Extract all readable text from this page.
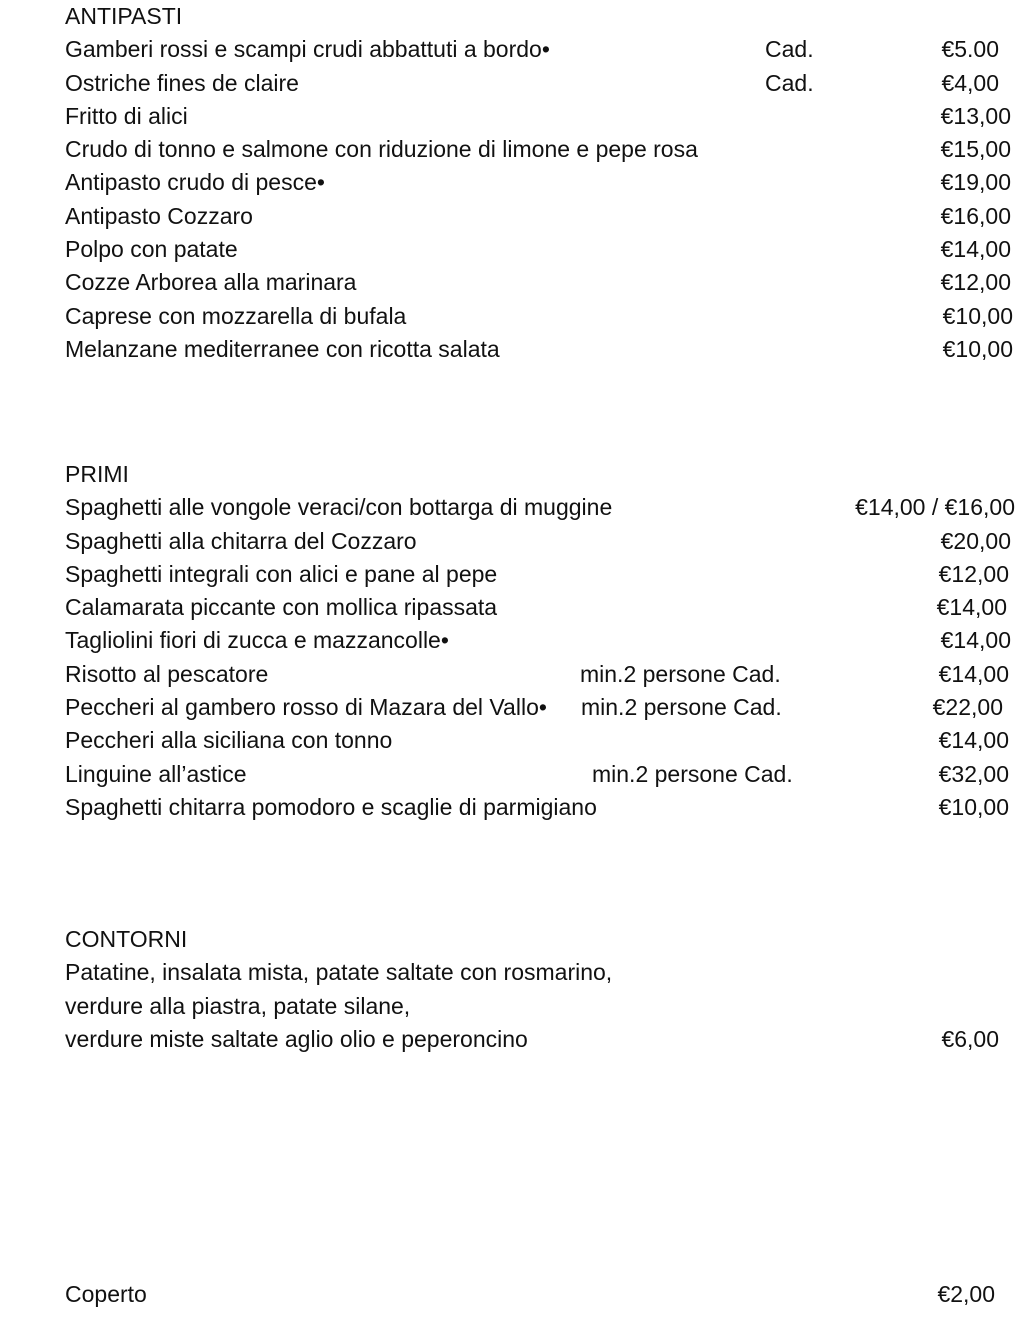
ANTIPASTI
Gamberi rossi e scampi crudi abbattuti a bordo•	Cad.	€5.00
Ostriche fines de claire	Cad.	€4,00
Fritto di alici	€13,00
Crudo di tonno e salmone con riduzione di limone e pepe rosa	€15,00
Antipasto crudo di pesce•	€19,00
Antipasto Cozzaro	€16,00
Polpo con patate	€14,00
Cozze Arborea alla marinara	€12,00
Caprese con mozzarella di bufala	€10,00
Melanzane mediterranee con ricotta salata	€10,00
PRIMI
Spaghetti alle vongole veraci/con bottarga di muggine	€14,00 / €16,00
Spaghetti alla chitarra del Cozzaro	€20,00
Spaghetti integrali con alici e pane al pepe	€12,00
Calamarata piccante con mollica ripassata	€14,00
Tagliolini fiori di zucca e mazzancolle•	€14,00
Risotto al pescatore	min.2 persone Cad.	€14,00
Peccheri al gambero rosso di Mazara del Vallo• min.2 persone Cad.	€22,00
Peccheri alla siciliana con tonno	€14,00
Linguine all’astice	min.2 persone Cad.	€32,00
Spaghetti chitarra pomodoro e scaglie di parmigiano	€10,00
CONTORNI
Patatine, insalata mista, patate saltate con rosmarino,
verdure alla piastra, patate silane,
verdure miste saltate aglio olio e peperoncino	€6,00
Coperto	€2,00
